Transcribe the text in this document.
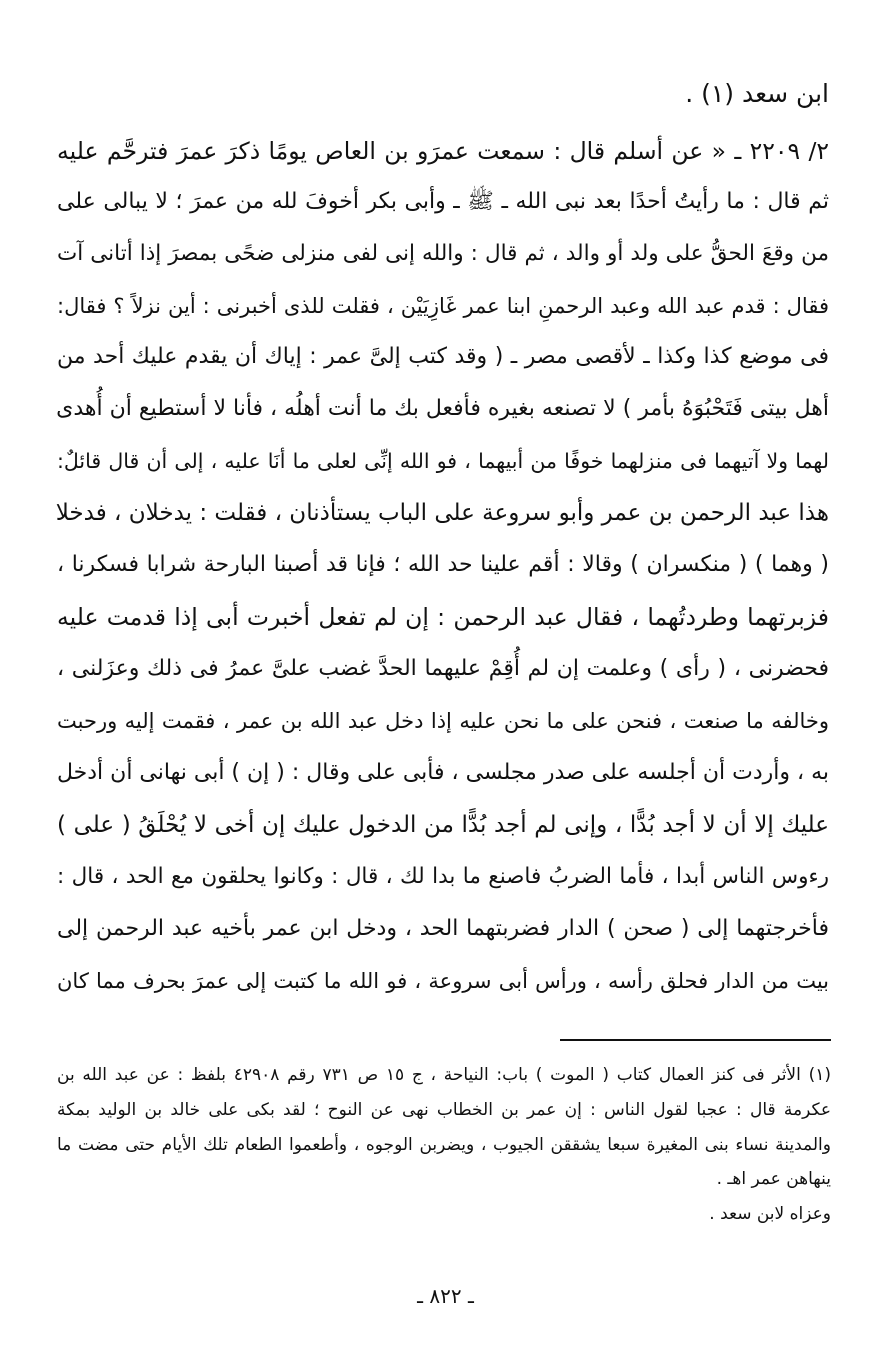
ابن سعد (١) .
٢/ ٢٢٠٩ ـ « عن أسلم قال : سمعت عمرَو بن العاص يومًا ذكرَ عمرَ فترحَّم عليه
ثم قال : ما رأيتُ أحدًا بعد نبى الله ـ ﷺ ـ وأبى بكر أخوفَ لله من عمرَ ؛ لا يبالى على
من وقعَ الحقُّ على ولد أو والد ، ثم قال : والله إنى لفى منزلى ضحًى بمصرَ إذا أتانى آت
فقال : قدم عبد الله وعبد الرحمنِ ابنا عمر غَازِيَيْن ، فقلت للذى أخبرنى : أين نزلاً ؟ فقال:
فى موضع كذا وكذا ـ لأقصى مصر ـ ( وقد كتب إلىَّ عمر : إياك أن يقدم عليك أحد من
أهل بيتى فَتَحْبُوَهُ بأمر ) لا تصنعه بغيره فأفعل بك ما أنت أهلُه ، فأنا لا أستطيع أن أُهدى
لهما ولا آتيهما فى منزلهما خوفًا من أبيهما ، فو الله إنِّى لعلى ما أنَا عليه ، إلى أن قال قائلٌ:
هذا عبد الرحمن بن عمر وأبو سروعة على الباب يستأذنان ، فقلت : يدخلان ، فدخلا
( وهما ) ( منكسران ) وقالا : أقم علينا حد الله ؛ فإنا قد أصبنا البارحة شرابا فسكرنا ،
فزبرتهما وطردتُهما ، فقال عبد الرحمن : إن لم تفعل أخبرت أبى إذا قدمت عليه
فحضرنى ، ( رأى ) وعلمت إن لم أُقِمْ عليهما الحدَّ غضب علىَّ عمرُ فى ذلك وعزَلنى ،
وخالفه ما صنعت ، فنحن على ما نحن عليه إذا دخل عبد الله بن عمر ، فقمت إليه ورحبت
به ، وأردت أن أجلسه على صدر مجلسى ، فأبى على وقال : ( إن ) أبى نهانى أن أدخل
عليك إلا أن لا أجد بُدًّا ، وإنى لم أجد بُدًّا من الدخول عليك إن أخى لا يُحْلَقُ ( على )
رءوس الناس أبدا ، فأما الضربُ فاصنع ما بدا لك ، قال : وكانوا يحلقون مع الحد ، قال :
فأخرجتهما إلى ( صحن ) الدار فضربتهما الحد ، ودخل ابن عمر بأخيه عبد الرحمن إلى
بيت من الدار فحلق رأسه ، ورأس أبى سروعة ، فو الله ما كتبت إلى عمرَ بحرف مما كان
(١) الأثر فى كنز العمال كتاب ( الموت ) باب: النياحة ، ج ١٥ ص ٧٣١ رقم ٤٢٩٠٨ بلفظ : عن عبد الله بن
عكرمة قال : عجبا لقول الناس : إن عمر بن الخطاب نهى عن النوح ؛ لقد بكى على خالد بن الوليد بمكة
والمدينة نساء بنى المغيرة سبعا يشققن الجيوب ، ويضربن الوجوه ، وأطعموا الطعام تلك الأيام حتى مضت ما
ينهاهن عمر اهـ .
وعزاه لابن سعد .
ـ ٨٢٢ ـ
